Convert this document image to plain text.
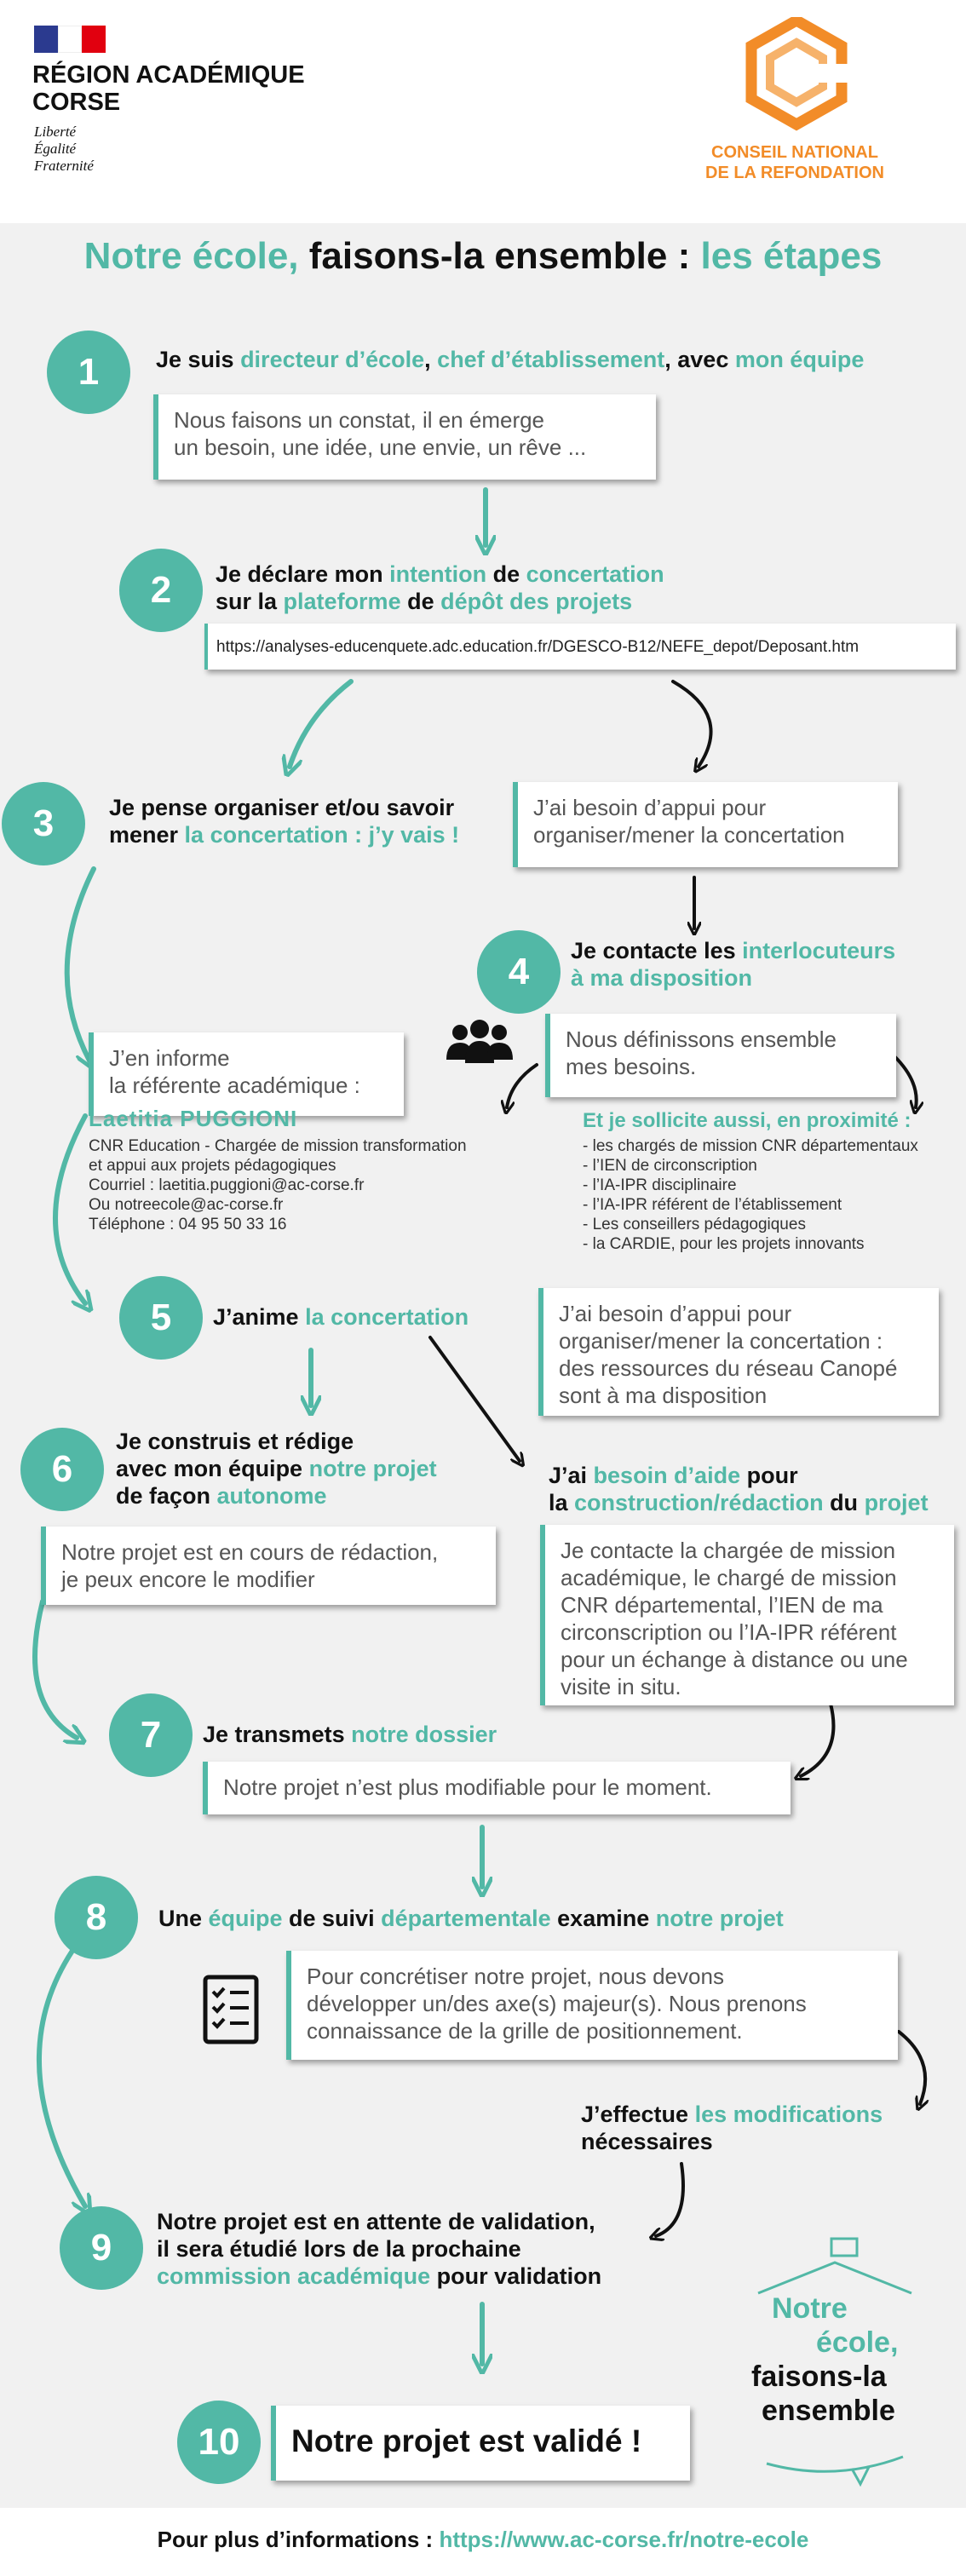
RÉGION ACADÉMIQUE
CORSE
Liberté
Égalité
Fraternité
CONSEIL NATIONAL
DE LA REFONDATION
Notre école, faisons-la ensemble : les étapes
1	Je suis directeur d’école, chef d’établissement, avec mon équipe
Nous faisons un constat, il en émerge
un besoin, une idée, une envie, un rêve ...
2	Je déclare mon intention de concertation
sur la plateforme de dépôt des projets
https://analyses-educenquete.adc.education.fr/DGESCO-B12/NEFE_depot/Deposant.htm
3	Je pense organiser et/ou savoir
mener la concertation : j’y vais !
J’ai besoin d’appui pour
organiser/mener la concertation
4	Je contacte les interlocuteurs
à ma disposition
Nous définissons ensemble
mes besoins.
Et je sollicite aussi, en proximité :
- les chargés de mission CNR départementaux
- l’IEN de circonscription
- l’IA-IPR disciplinaire
- l’IA-IPR référent de l’établissement
- Les conseillers pédagogiques
- la CARDIE, pour les projets innovants
J’en informe
la référente académique :
Laetitia PUGGIONI
CNR Education - Chargée de mission transformation
et appui aux projets pédagogiques
Courriel : laetitia.puggioni@ac-corse.fr
Ou notreecole@ac-corse.fr
Téléphone : 04 95 50 33 16
5	J’anime la concertation	J’ai besoin d’appui pour
organiser/mener la concertation :
des ressources du réseau Canopé
sont à ma disposition
6
Je construis et rédige
avec mon équipe notre projet
de façon autonome
Notre projet est en cours de rédaction,
je peux encore le modifier
J’ai besoin d’aide pour
la construction/rédaction du projet
Je contacte la chargée de mission
académique, le chargé de mission
CNR départemental, l’IEN de ma
circonscription ou l’IA-IPR référent
pour un échange à distance ou une
visite in situ.
7	Je transmets notre dossier
Notre projet n’est plus modifiable pour le moment.
8	Une équipe de suivi départementale examine notre projet
Pour concrétiser notre projet, nous devons
développer un/des axe(s) majeur(s). Nous prenons
connaissance de la grille de positionnement.
J’effectue les modifications
nécessaires
9
Notre projet est en attente de validation,
il sera étudié lors de la prochaine
commission académique pour validation
10	Notre projet est validé !
Notre
école,
faisons-la
ensemble
Pour plus d’informations : https://www.ac-corse.fr/notre-ecole
